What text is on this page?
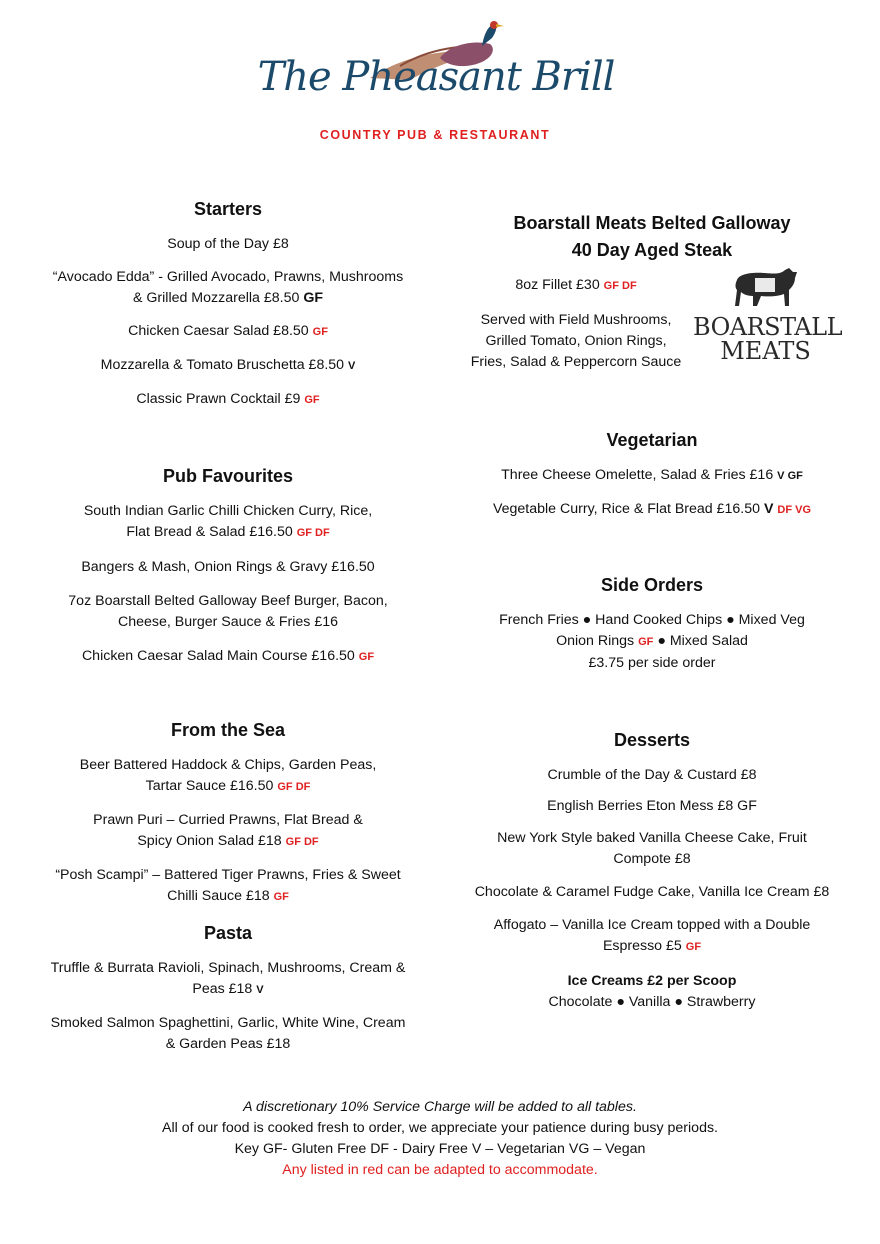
The Pheasant Brill
COUNTRY PUB & RESTAURANT
Starters
Soup of the Day £8
“Avocado Edda” - Grilled Avocado, Prawns, Mushrooms
& Grilled Mozzarella £8.50 GF
Chicken Caesar Salad £8.50 GF
Mozzarella & Tomato Bruschetta £8.50 V
Classic Prawn Cocktail £9 GF
Pub Favourites
South Indian Garlic Chilli Chicken Curry, Rice,
Flat Bread & Salad £16.50 GF DF
Bangers & Mash, Onion Rings & Gravy £16.50
7oz Boarstall Belted Galloway Beef Burger, Bacon,
Cheese, Burger Sauce & Fries £16
Chicken Caesar Salad Main Course £16.50 GF
From the Sea
Beer Battered Haddock & Chips, Garden Peas,
Tartar Sauce £16.50 GF DF
Prawn Puri – Curried Prawns, Flat Bread &
Spicy Onion Salad £18 GF DF
“Posh Scampi” – Battered Tiger Prawns, Fries & Sweet
Chilli Sauce £18 GF
Pasta
Truffle & Burrata Ravioli, Spinach, Mushrooms, Cream &
Peas £18 V
Smoked Salmon Spaghettini, Garlic, White Wine, Cream
& Garden Peas £18
Boarstall Meats Belted Galloway
40 Day Aged Steak
8oz Fillet £30 GF DF
Served with Field Mushrooms,
Grilled Tomato, Onion Rings,
Fries, Salad & Peppercorn Sauce
BOARSTALL
MEATS
Vegetarian
Three Cheese Omelette, Salad & Fries £16 V GF
Vegetable Curry, Rice & Flat Bread £16.50 V DF VG
Side Orders
French Fries ● Hand Cooked Chips ● Mixed Veg
Onion Rings GF ● Mixed Salad
£3.75 per side order
Desserts
Crumble of the Day & Custard £8
English Berries Eton Mess £8 GF
New York Style baked Vanilla Cheese Cake, Fruit
Compote £8
Chocolate & Caramel Fudge Cake, Vanilla Ice Cream £8
Affogato – Vanilla Ice Cream topped with a Double
Espresso £5 GF
Ice Creams £2 per Scoop
Chocolate ● Vanilla ● Strawberry
A discretionary 10% Service Charge will be added to all tables.
All of our food is cooked fresh to order, we appreciate your patience during busy periods.
Key GF- Gluten Free DF - Dairy Free V – Vegetarian VG – Vegan
Any listed in red can be adapted to accommodate.
